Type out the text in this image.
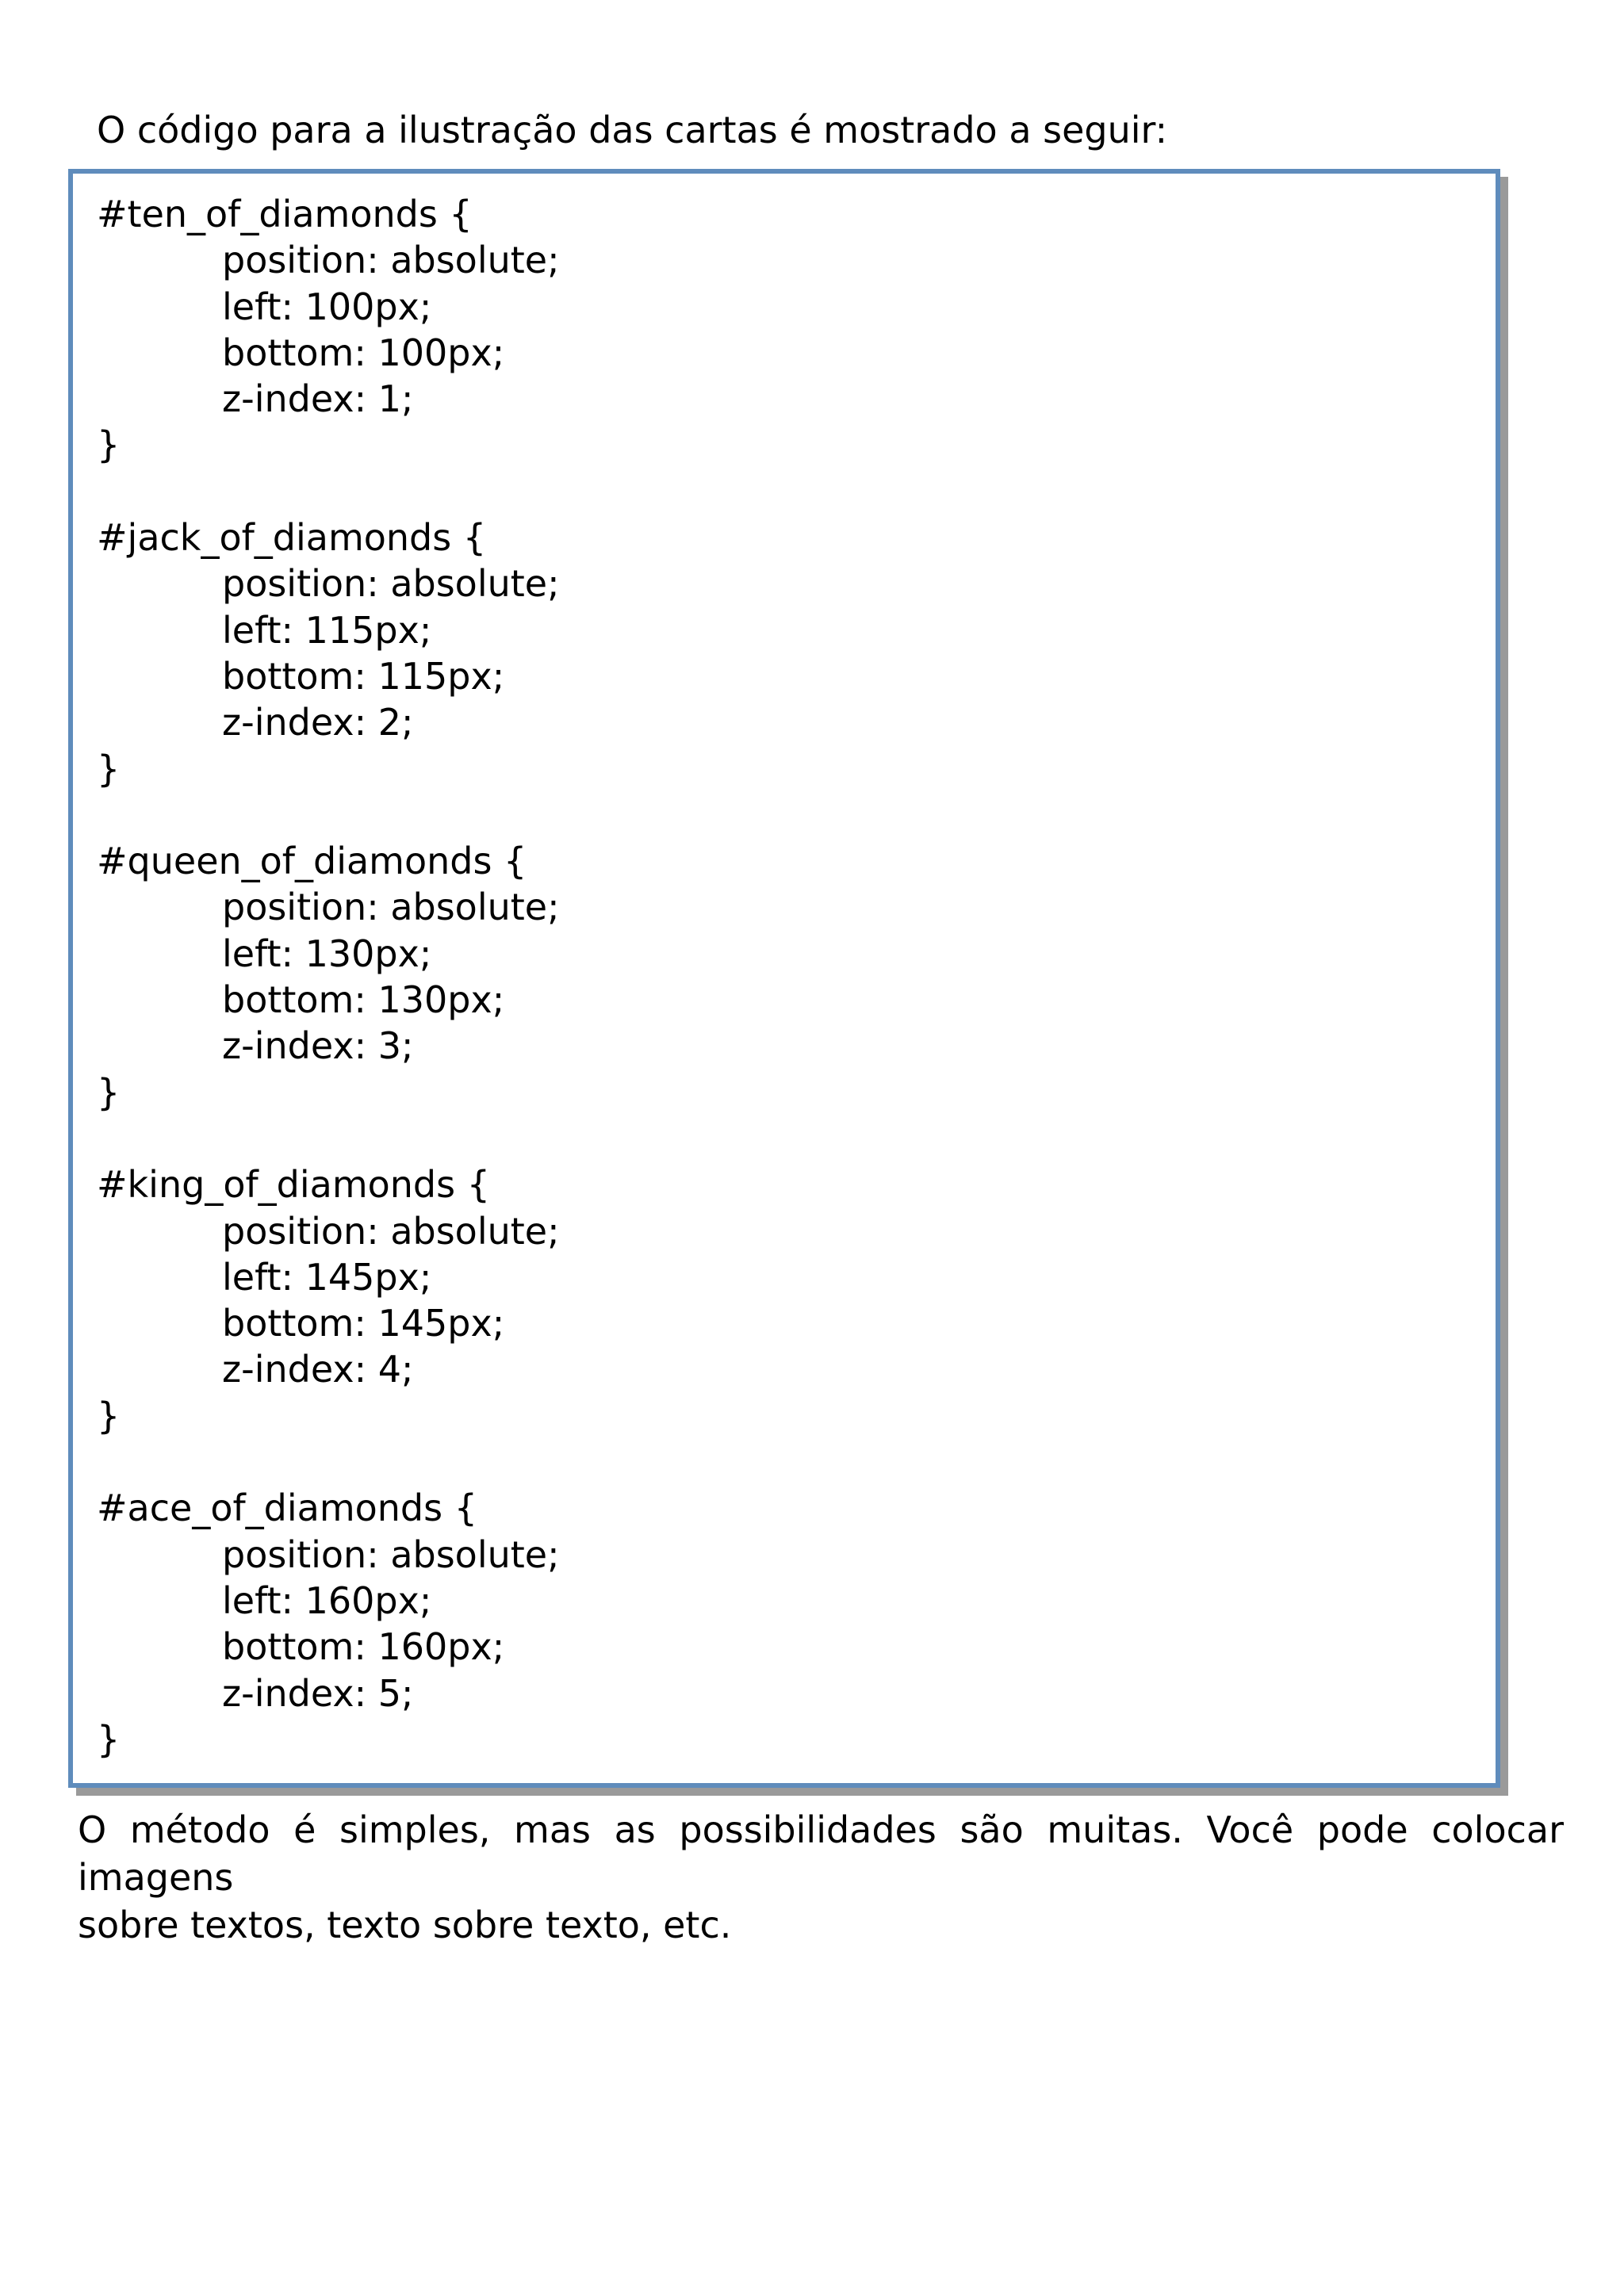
O código para a ilustração das cartas é mostrado a seguir:
#ten_of_diamonds {
position: absolute;
left: 100px;
bottom: 100px;
z-index: 1;
}
#jack_of_diamonds {
position: absolute;
left: 115px;
bottom: 115px;
z-index: 2;
}
#queen_of_diamonds {
position: absolute;
left: 130px;
bottom: 130px;
z-index: 3;
}
#king_of_diamonds {
position: absolute;
left: 145px;
bottom: 145px;
z-index: 4;
}
#ace_of_diamonds {
position: absolute;
left: 160px;
bottom: 160px;
z-index: 5;
}

O método é simples, mas as possibilidades são muitas. Você pode colocar imagens

sobre textos, texto sobre texto, etc.
